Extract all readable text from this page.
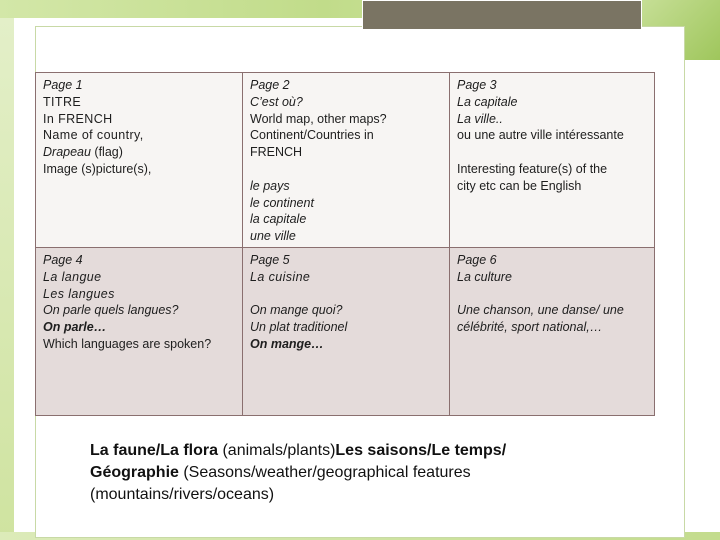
Page 1
TITRE
In FRENCH
Name of country,
Drapeau (flag)
Image (s)picture(s),
Page 2
C’est où?
World map, other maps?
Continent/Countries in
FRENCH
le pays
le continent
la capitale
une ville
Page 3
La capitale
La ville..
ou une autre ville intéressante
Interesting feature(s) of the
city etc can be English
Page 4
La langue
Les langues
On parle quels langues?
On parle…
Which languages are spoken?
Page 5
La cuisine
On mange quoi?
Un plat traditionel
On mange…
Page 6
La culture
Une chanson, une danse/ une
célébrité, sport national,…
La faune/La flora (animals/plants)Les saisons/Le temps/
Géographie (Seasons/weather/geographical features
(mountains/rivers/oceans)
